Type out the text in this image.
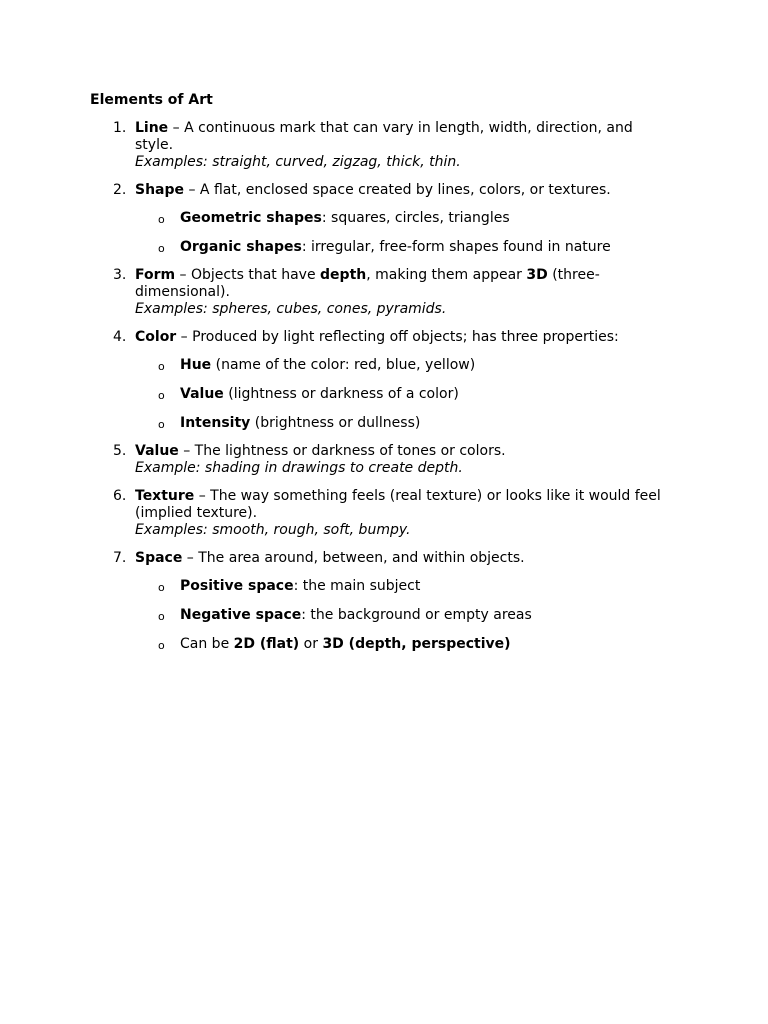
Elements of Art
1. Line – A continuous mark that can vary in length, width, direction, and style.
Examples: straight, curved, zigzag, thick, thin.
2. Shape – A flat, enclosed space created by lines, colors, or textures.
o Geometric shapes: squares, circles, triangles
o Organic shapes: irregular, free-form shapes found in nature
3. Form – Objects that have depth, making them appear 3D (three-dimensional).
Examples: spheres, cubes, cones, pyramids.
4. Color – Produced by light reflecting off objects; has three properties:
o Hue (name of the color: red, blue, yellow)
o Value (lightness or darkness of a color)
o Intensity (brightness or dullness)
5. Value – The lightness or darkness of tones or colors.
Example: shading in drawings to create depth.
6. Texture – The way something feels (real texture) or looks like it would feel (implied texture).
Examples: smooth, rough, soft, bumpy.
7. Space – The area around, between, and within objects.
o Positive space: the main subject
o Negative space: the background or empty areas
o Can be 2D (flat) or 3D (depth, perspective)
